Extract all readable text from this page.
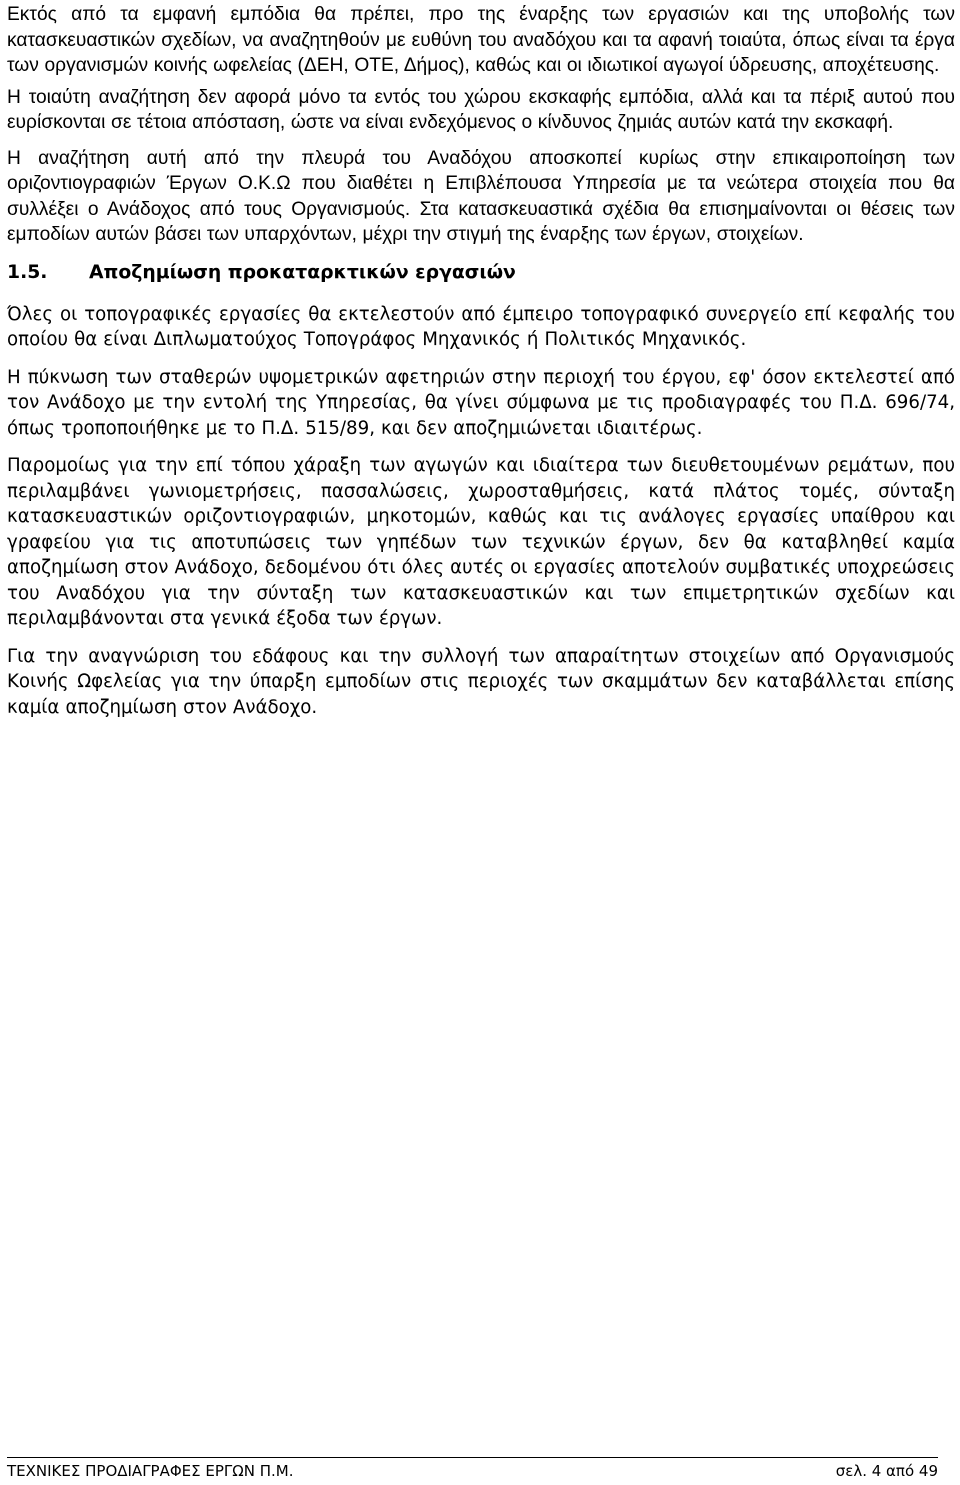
Εκτός από τα εμφανή εμπόδια θα πρέπει, προ της έναρξης των εργασιών και της υποβολής των κατασκευαστικών σχεδίων, να αναζητηθούν με ευθύνη του αναδόχου και τα αφανή τοιαύτα, όπως είναι τα έργα των οργανισμών κοινής ωφελείας (ΔΕΗ, ΟΤΕ, Δήμος), καθώς και οι ιδιωτικοί αγωγοί ύδρευσης, αποχέτευσης.

Η τοιαύτη αναζήτηση δεν αφορά μόνο τα εντός του χώρου εκσκαφής εμπόδια, αλλά και τα πέριξ αυτού που ευρίσκονται σε τέτοια απόσταση, ώστε να είναι ενδεχόμενος ο κίνδυνος ζημιάς αυτών κατά την εκσκαφή.

Η αναζήτηση αυτή από την πλευρά του Αναδόχου αποσκοπεί κυρίως στην επικαιροποίηση των οριζοντιογραφιών Έργων Ο.Κ.Ω που διαθέτει η Επιβλέπουσα Υπηρεσία με τα νεώτερα στοιχεία που θα συλλέξει ο Ανάδοχος από τους Οργανισμούς. Στα κατασκευαστικά σχέδια θα επισημαίνονται οι θέσεις των εμποδίων αυτών βάσει των υπαρχόντων, μέχρι την στιγμή της έναρξης των έργων, στοιχείων.

1.5.	Αποζημίωση προκαταρκτικών εργασιών

Όλες οι τοπογραφικές εργασίες θα εκτελεστούν από έμπειρο τοπογραφικό συνεργείο επί κεφαλής του οποίου θα είναι Διπλωματούχος Τοπογράφος Μηχανικός ή Πολιτικός Μηχανικός.

Η πύκνωση των σταθερών υψομετρικών αφετηριών στην περιοχή του έργου, εφ' όσον εκτελεστεί από τον Ανάδοχο με την εντολή της Υπηρεσίας, θα γίνει σύμφωνα με τις προδιαγραφές του Π.Δ. 696/74, όπως τροποποιήθηκε με το Π.Δ. 515/89, και δεν αποζημιώνεται ιδιαιτέρως.

Παρομοίως για την επί τόπου χάραξη των αγωγών και ιδιαίτερα των διευθετουμένων ρεμάτων, που περιλαμβάνει γωνιομετρήσεις, πασσαλώσεις, χωροσταθμήσεις, κατά πλάτος τομές, σύνταξη κατασκευαστικών οριζοντιογραφιών, μηκοτομών, καθώς και τις ανάλογες εργασίες υπαίθρου και γραφείου για τις αποτυπώσεις των γηπέδων των τεχνικών έργων, δεν θα καταβληθεί καμία αποζημίωση στον Ανάδοχο, δεδομένου ότι όλες αυτές οι εργασίες αποτελούν συμβατικές υποχρεώσεις του Αναδόχου για την σύνταξη των κατασκευαστικών και των επιμετρητικών σχεδίων και περιλαμβάνονται στα γενικά έξοδα των έργων.

Για την αναγνώριση του εδάφους και την συλλογή των απαραίτητων στοιχείων από Οργανισμούς Κοινής Ωφελείας για την ύπαρξη εμποδίων στις περιοχές των σκαμμάτων δεν καταβάλλεται επίσης καμία αποζημίωση στον Ανάδοχο.

ΤΕΧΝΙΚΕΣ ΠΡΟΔΙΑΓΡΑΦΕΣ ΕΡΓΩΝ Π.Μ.	σελ. 4 από 49
